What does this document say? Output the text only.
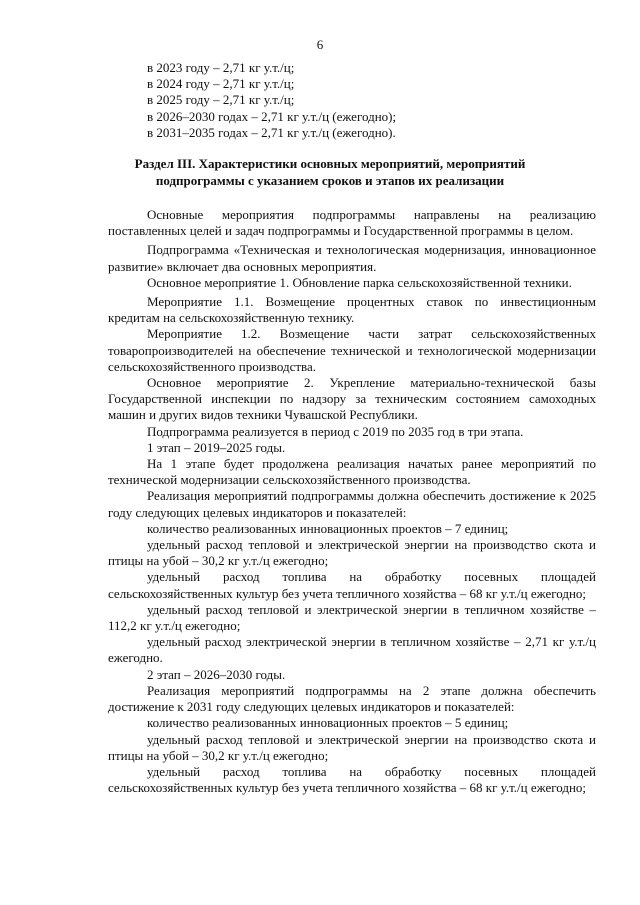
6
в 2023 году – 2,71 кг у.т./ц;
в 2024 году – 2,71 кг у.т./ц;
в 2025 году – 2,71 кг у.т./ц;
в 2026–2030 годах – 2,71 кг у.т./ц (ежегодно);
в 2031–2035 годах – 2,71 кг у.т./ц (ежегодно).
Раздел III. Характеристики основных мероприятий, мероприятий
подпрограммы с указанием сроков и этапов их реализации

Основные мероприятия подпрограммы направлены на реализацию поставленных целей и задач подпрограммы и Государственной программы в целом.

Подпрограмма «Техническая и технологическая модернизация, инновационное развитие» включает два основных мероприятия.

Основное мероприятие 1. Обновление парка сельскохозяйственной техники.

Мероприятие 1.1. Возмещение процентных ставок по инвестиционным кредитам на сельскохозяйственную технику.

Мероприятие 1.2. Возмещение части затрат сельскохозяйственных товаропроизводителей на обеспечение технической и технологической модернизации сельскохозяйственного производства.

Основное мероприятие 2. Укрепление материально-технической базы Государственной инспекции по надзору за техническим состоянием самоходных машин и других видов техники Чувашской Республики.

Подпрограмма реализуется в период с 2019 по 2035 год в три этапа.

1 этап – 2019–2025 годы.

На 1 этапе будет продолжена реализация начатых ранее мероприятий по технической модернизации сельскохозяйственного производства.

Реализация мероприятий подпрограммы должна обеспечить достижение к 2025 году следующих целевых индикаторов и показателей:

количество реализованных инновационных проектов – 7 единиц;

удельный расход тепловой и электрической энергии на производство скота и птицы на убой – 30,2 кг у.т./ц ежегодно;

удельный расход топлива на обработку посевных площадей сельскохозяйственных культур без учета тепличного хозяйства – 68 кг у.т./ц ежегодно;

удельный расход тепловой и электрической энергии в тепличном хозяйстве – 112,2 кг у.т./ц ежегодно;

удельный расход электрической энергии в тепличном хозяйстве – 2,71 кг у.т./ц ежегодно.

2 этап – 2026–2030 годы.

Реализация мероприятий подпрограммы на 2 этапе должна обеспечить достижение к 2031 году следующих целевых индикаторов и показателей:

количество реализованных инновационных проектов – 5 единиц;

удельный расход тепловой и электрической энергии на производство скота и птицы на убой – 30,2 кг у.т./ц ежегодно;

удельный расход топлива на обработку посевных площадей сельскохозяйственных культур без учета тепличного хозяйства – 68 кг у.т./ц ежегодно;
